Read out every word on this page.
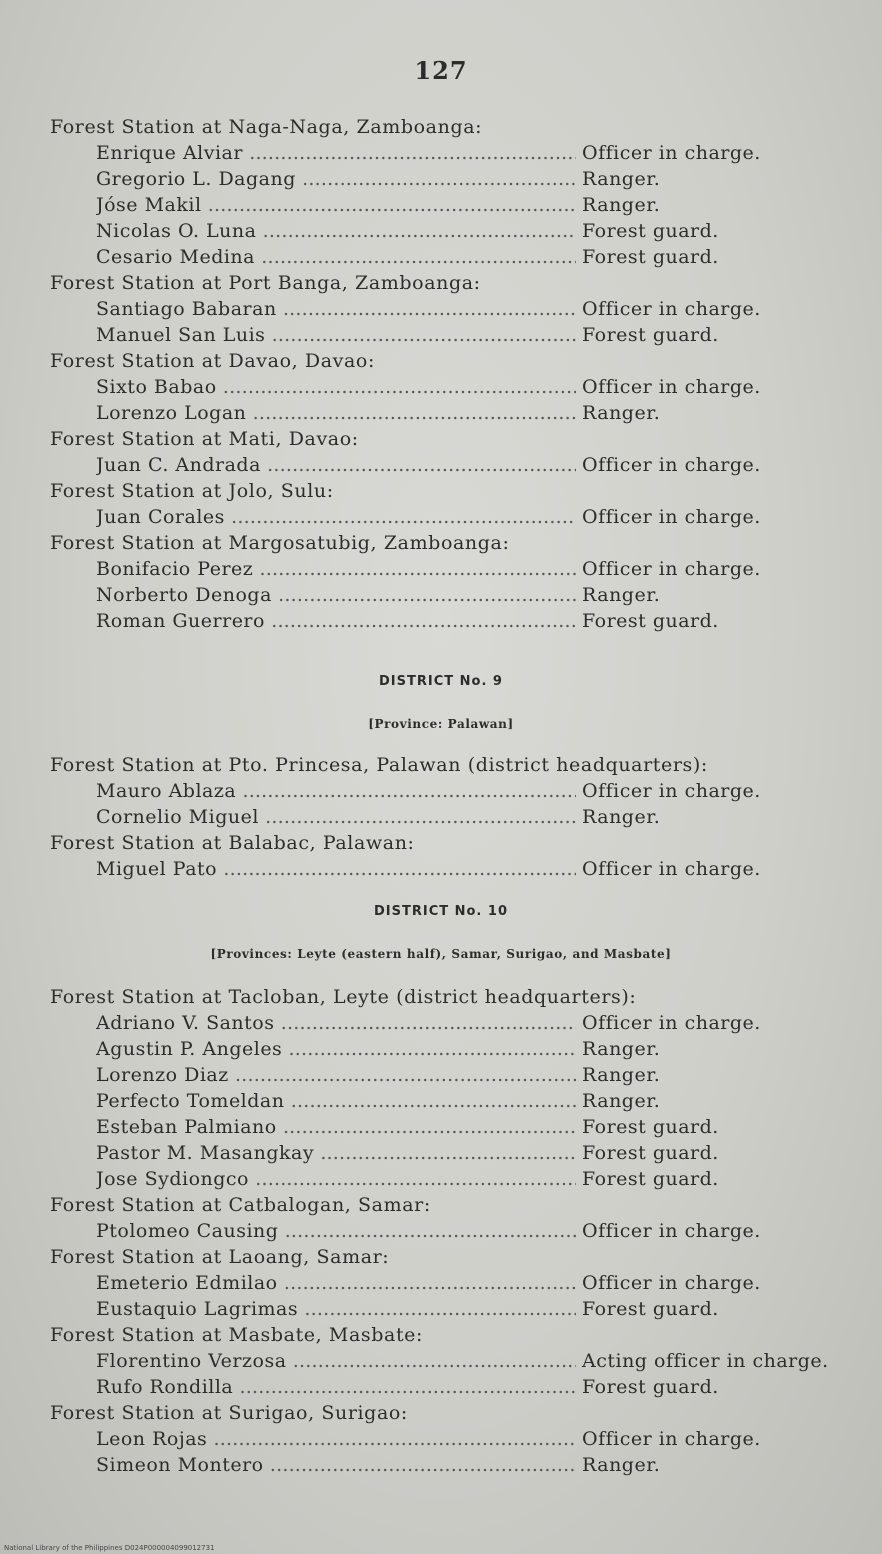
127
Forest Station at Naga-Naga, Zamboanga:
Enrique Alviar .....	Officer in charge.
Gregorio L. Dagang .....	Ranger.
Jóse Makil .....	Ranger.
Nicolas O. Luna .....	Forest guard.
Cesario Medina .....	Forest guard.
Forest Station at Port Banga, Zamboanga:
Santiago Babaran .....	Officer in charge.
Manuel San Luis .....	Forest guard.
Forest Station at Davao, Davao:
Sixto Babao .....	Officer in charge.
Lorenzo Logan .....	Ranger.
Forest Station at Mati, Davao:
Juan C. Andrada .....	Officer in charge.
Forest Station at Jolo, Sulu:
Juan Corales .....	Officer in charge.
Forest Station at Margosatubig, Zamboanga:
Bonifacio Perez .....	Officer in charge.
Norberto Denoga .....	Ranger.
Roman Guerrero .....	Forest guard.
DISTRICT No. 9
[Province: Palawan]
Forest Station at Pto. Princesa, Palawan (district headquarters):
Mauro Ablaza .....	Officer in charge.
Cornelio Miguel .....	Ranger.
Forest Station at Balabac, Palawan:
Miguel Pato .....	Officer in charge.
DISTRICT No. 10
[Provinces: Leyte (eastern half), Samar, Surigao, and Masbate]
Forest Station at Tacloban, Leyte (district headquarters):
Adriano V. Santos .....	Officer in charge.
Agustin P. Angeles .....	Ranger.
Lorenzo Diaz .....	Ranger.
Perfecto Tomeldan .....	Ranger.
Esteban Palmiano .....	Forest guard.
Pastor M. Masangkay .....	Forest guard.
Jose Sydiongco .....	Forest guard.
Forest Station at Catbalogan, Samar:
Ptolomeo Causing .....	Officer in charge.
Forest Station at Laoang, Samar:
Emeterio Edmilao .....	Officer in charge.
Eustaquio Lagrimas .....	Forest guard.
Forest Station at Masbate, Masbate:
Florentino Verzosa .....	Acting officer in charge.
Rufo Rondilla .....	Forest guard.
Forest Station at Surigao, Surigao:
Leon Rojas .....	Officer in charge.
Simeon Montero .....	Ranger.
National Library of the Philippines D024P000004099012731
